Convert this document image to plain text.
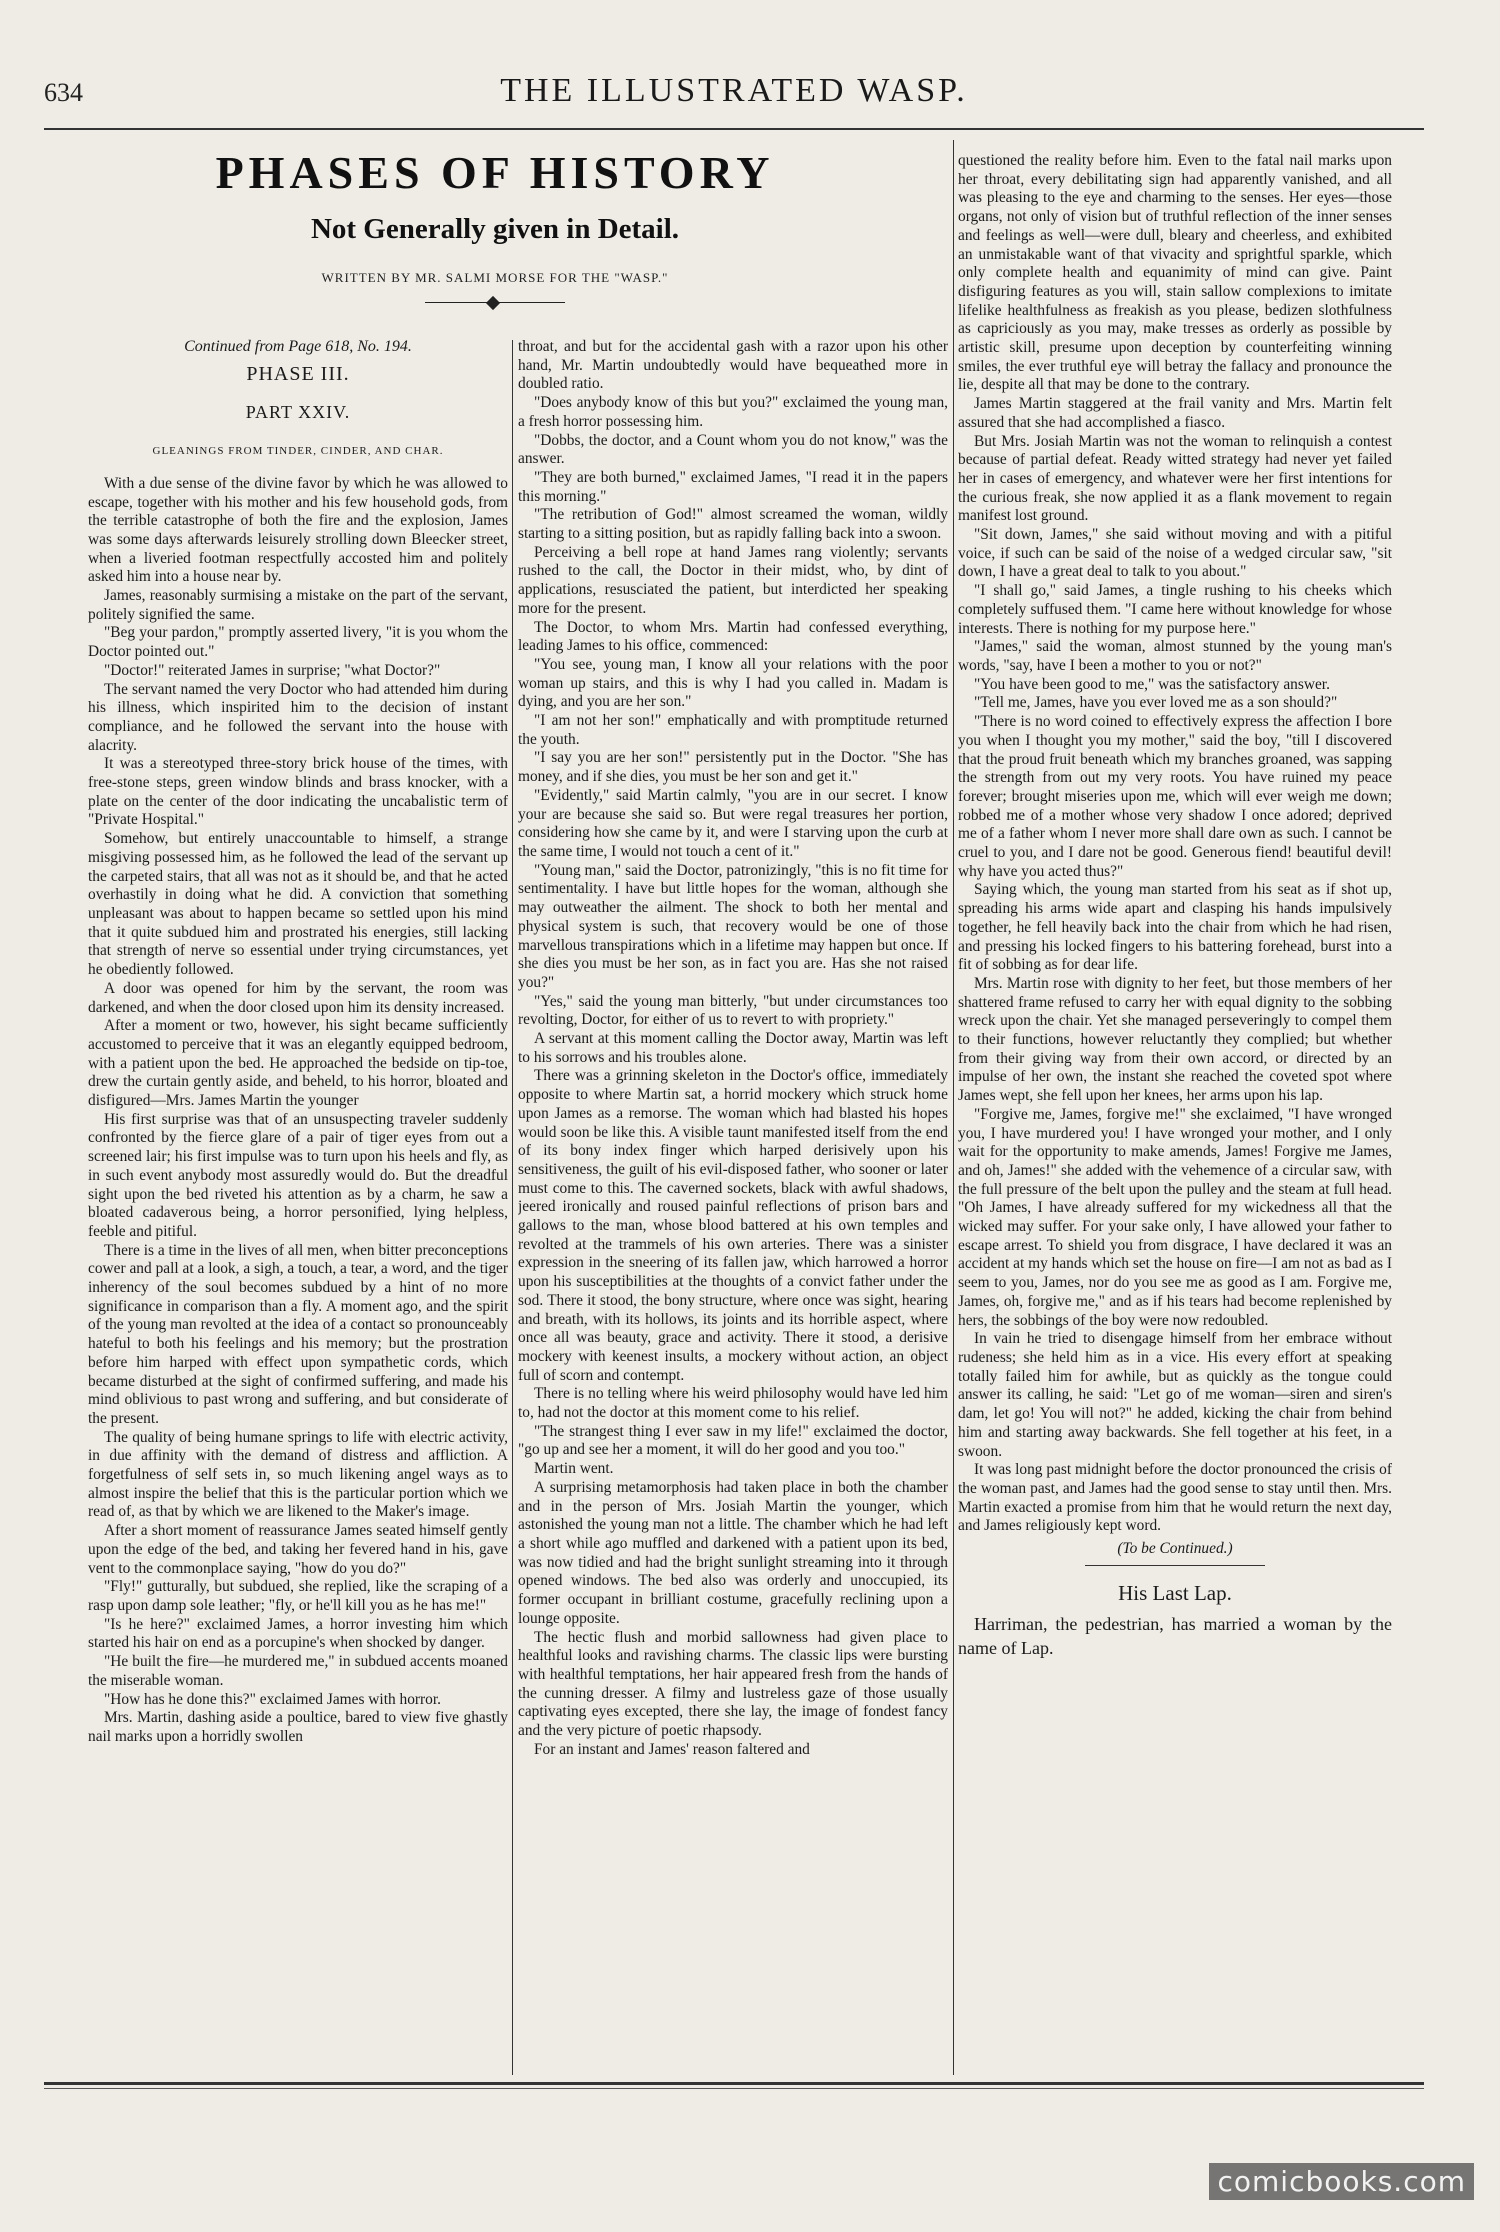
634	THE ILLUSTRATED WASP.
PHASES OF HISTORY
Not Generally given in Detail.
WRITTEN BY MR. SALMI MORSE FOR THE "WASP."

Continued from Page 618, No. 194.

PHASE III.

PART XXIV.

GLEANINGS FROM TINDER, CINDER, AND CHAR.

With a due sense of the divine favor by which he was allowed to escape, together with his mother and his few household gods, from the terrible catastrophe of both the fire and the explosion, James was some days afterwards leisurely strolling down Bleecker street, when a liveried footman respectfully accosted him and politely asked him into a house near by.

James, reasonably surmising a mistake on the part of the servant, politely signified the same.

"Beg your pardon," promptly asserted livery, "it is you whom the Doctor pointed out."

"Doctor!" reiterated James in surprise; "what Doctor?"

The servant named the very Doctor who had attended him during his illness, which inspirited him to the decision of instant compliance, and he followed the servant into the house with alacrity.

It was a stereotyped three-story brick house of the times, with free-stone steps, green window blinds and brass knocker, with a plate on the center of the door indicating the uncabalistic term of "Private Hospital."

Somehow, but entirely unaccountable to himself, a strange misgiving possessed him, as he followed the lead of the servant up the carpeted stairs, that all was not as it should be, and that he acted overhastily in doing what he did. A conviction that something unpleasant was about to happen became so settled upon his mind that it quite subdued him and prostrated his energies, still lacking that strength of nerve so essential under trying circumstances, yet he obediently followed.

A door was opened for him by the servant, the room was darkened, and when the door closed upon him its density increased.

After a moment or two, however, his sight became sufficiently accustomed to perceive that it was an elegantly equipped bedroom, with a patient upon the bed. He approached the bedside on tip-toe, drew the curtain gently aside, and beheld, to his horror, bloated and disfigured—Mrs. James Martin the younger

His first surprise was that of an unsuspecting traveler suddenly confronted by the fierce glare of a pair of tiger eyes from out a screened lair; his first impulse was to turn upon his heels and fly, as in such event anybody most assuredly would do. But the dreadful sight upon the bed riveted his attention as by a charm, he saw a bloated cadaverous being, a horror personified, lying helpless, feeble and pitiful.

There is a time in the lives of all men, when bitter preconceptions cower and pall at a look, a sigh, a touch, a tear, a word, and the tiger inherency of the soul becomes subdued by a hint of no more significance in comparison than a fly. A moment ago, and the spirit of the young man revolted at the idea of a contact so pronounceably hateful to both his feelings and his memory; but the prostration before him harped with effect upon sympathetic cords, which became disturbed at the sight of confirmed suffering, and made his mind oblivious to past wrong and suffering, and but considerate of the present.

The quality of being humane springs to life with electric activity, in due affinity with the demand of distress and affliction. A forgetfulness of self sets in, so much likening angel ways as to almost inspire the belief that this is the particular portion which we read of, as that by which we are likened to the Maker's image.

After a short moment of reassurance James seated himself gently upon the edge of the bed, and taking her fevered hand in his, gave vent to the commonplace saying, "how do you do?"

"Fly!" gutturally, but subdued, she replied, like the scraping of a rasp upon damp sole leather; "fly, or he'll kill you as he has me!"

"Is he here?" exclaimed James, a horror investing him which started his hair on end as a porcupine's when shocked by danger.

"He built the fire—he murdered me," in subdued accents moaned the miserable woman.

"How has he done this?" exclaimed James with horror.

Mrs. Martin, dashing aside a poultice, bared to view five ghastly nail marks upon a horridly swollen

throat, and but for the accidental gash with a razor upon his other hand, Mr. Martin undoubtedly would have bequeathed more in doubled ratio.

"Does anybody know of this but you?" exclaimed the young man, a fresh horror possessing him.

"Dobbs, the doctor, and a Count whom you do not know," was the answer.

"They are both burned," exclaimed James, "I read it in the papers this morning."

"The retribution of God!" almost screamed the woman, wildly starting to a sitting position, but as rapidly falling back into a swoon.

Perceiving a bell rope at hand James rang violently; servants rushed to the call, the Doctor in their midst, who, by dint of applications, resusciated the patient, but interdicted her speaking more for the present.

The Doctor, to whom Mrs. Martin had confessed everything, leading James to his office, commenced:

"You see, young man, I know all your relations with the poor woman up stairs, and this is why I had you called in. Madam is dying, and you are her son."

"I am not her son!" emphatically and with promptitude returned the youth.

"I say you are her son!" persistently put in the Doctor. "She has money, and if she dies, you must be her son and get it."

"Evidently," said Martin calmly, "you are in our secret. I know your are because she said so. But were regal treasures her portion, considering how she came by it, and were I starving upon the curb at the same time, I would not touch a cent of it."

"Young man," said the Doctor, patronizingly, "this is no fit time for sentimentality. I have but little hopes for the woman, although she may outweather the ailment. The shock to both her mental and physical system is such, that recovery would be one of those marvellous transpirations which in a lifetime may happen but once. If she dies you must be her son, as in fact you are. Has she not raised you?"

"Yes," said the young man bitterly, "but under circumstances too revolting, Doctor, for either of us to revert to with propriety."

A servant at this moment calling the Doctor away, Martin was left to his sorrows and his troubles alone.

There was a grinning skeleton in the Doctor's office, immediately opposite to where Martin sat, a horrid mockery which struck home upon James as a remorse. The woman which had blasted his hopes would soon be like this. A visible taunt manifested itself from the end of its bony index finger which harped derisively upon his sensitiveness, the guilt of his evil-disposed father, who sooner or later must come to this. The caverned sockets, black with awful shadows, jeered ironically and roused painful reflections of prison bars and gallows to the man, whose blood battered at his own temples and revolted at the trammels of his own arteries. There was a sinister expression in the sneering of its fallen jaw, which harrowed a horror upon his susceptibilities at the thoughts of a convict father under the sod. There it stood, the bony structure, where once was sight, hearing and breath, with its hollows, its joints and its horrible aspect, where once all was beauty, grace and activity. There it stood, a derisive mockery with keenest insults, a mockery without action, an object full of scorn and contempt.

There is no telling where his weird philosophy would have led him to, had not the doctor at this moment come to his relief.

"The strangest thing I ever saw in my life!" exclaimed the doctor, "go up and see her a moment, it will do her good and you too."

Martin went.

A surprising metamorphosis had taken place in both the chamber and in the person of Mrs. Josiah Martin the younger, which astonished the young man not a little. The chamber which he had left a short while ago muffled and darkened with a patient upon its bed, was now tidied and had the bright sunlight streaming into it through opened windows. The bed also was orderly and unoccupied, its former occupant in brilliant costume, gracefully reclining upon a lounge opposite.

The hectic flush and morbid sallowness had given place to healthful looks and ravishing charms. The classic lips were bursting with healthful temptations, her hair appeared fresh from the hands of the cunning dresser. A filmy and lustreless gaze of those usually captivating eyes excepted, there she lay, the image of fondest fancy and the very picture of poetic rhapsody.

For an instant and James' reason faltered and

questioned the reality before him. Even to the fatal nail marks upon her throat, every debilitating sign had apparently vanished, and all was pleasing to the eye and charming to the senses. Her eyes—those organs, not only of vision but of truthful reflection of the inner senses and feelings as well—were dull, bleary and cheerless, and exhibited an unmistakable want of that vivacity and sprightful sparkle, which only complete health and equanimity of mind can give. Paint disfiguring features as you will, stain sallow complexions to imitate lifelike healthfulness as freakish as you please, bedizen slothfulness as capriciously as you may, make tresses as orderly as possible by artistic skill, presume upon deception by counterfeiting winning smiles, the ever truthful eye will betray the fallacy and pronounce the lie, despite all that may be done to the contrary.

James Martin staggered at the frail vanity and Mrs. Martin felt assured that she had accomplished a fiasco.

But Mrs. Josiah Martin was not the woman to relinquish a contest because of partial defeat. Ready witted strategy had never yet failed her in cases of emergency, and whatever were her first intentions for the curious freak, she now applied it as a flank movement to regain manifest lost ground.

"Sit down, James," she said without moving and with a pitiful voice, if such can be said of the noise of a wedged circular saw, "sit down, I have a great deal to talk to you about."

"I shall go," said James, a tingle rushing to his cheeks which completely suffused them. "I came here without knowledge for whose interests. There is nothing for my purpose here."

"James," said the woman, almost stunned by the young man's words, "say, have I been a mother to you or not?"

"You have been good to me," was the satisfactory answer.

"Tell me, James, have you ever loved me as a son should?"

"There is no word coined to effectively express the affection I bore you when I thought you my mother," said the boy, "till I discovered that the proud fruit beneath which my branches groaned, was sapping the strength from out my very roots. You have ruined my peace forever; brought miseries upon me, which will ever weigh me down; robbed me of a mother whose very shadow I once adored; deprived me of a father whom I never more shall dare own as such. I cannot be cruel to you, and I dare not be good. Generous fiend! beautiful devil! why have you acted thus?"

Saying which, the young man started from his seat as if shot up, spreading his arms wide apart and clasping his hands impulsively together, he fell heavily back into the chair from which he had risen, and pressing his locked fingers to his battering forehead, burst into a fit of sobbing as for dear life.

Mrs. Martin rose with dignity to her feet, but those members of her shattered frame refused to carry her with equal dignity to the sobbing wreck upon the chair. Yet she managed perseveringly to compel them to their functions, however reluctantly they complied; but whether from their giving way from their own accord, or directed by an impulse of her own, the instant she reached the coveted spot where James wept, she fell upon her knees, her arms upon his lap.

"Forgive me, James, forgive me!" she exclaimed, "I have wronged you, I have murdered you! I have wronged your mother, and I only wait for the opportunity to make amends, James! Forgive me James, and oh, James!" she added with the vehemence of a circular saw, with the full pressure of the belt upon the pulley and the steam at full head. "Oh James, I have already suffered for my wickedness all that the wicked may suffer. For your sake only, I have allowed your father to escape arrest. To shield you from disgrace, I have declared it was an accident at my hands which set the house on fire—I am not as bad as I seem to you, James, nor do you see me as good as I am. Forgive me, James, oh, forgive me," and as if his tears had become replenished by hers, the sobbings of the boy were now redoubled.

In vain he tried to disengage himself from her embrace without rudeness; she held him as in a vice. His every effort at speaking totally failed him for awhile, but as quickly as the tongue could answer its calling, he said: "Let go of me woman—siren and siren's dam, let go! You will not?" he added, kicking the chair from behind him and starting away backwards. She fell together at his feet, in a swoon.

It was long past midnight before the doctor pronounced the crisis of the woman past, and James had the good sense to stay until then. Mrs. Martin exacted a promise from him that he would return the next day, and James religiously kept word.

(To be Continued.)

His Last Lap.

Harriman, the pedestrian, has married a woman by the name of Lap.

comicbooks.com
